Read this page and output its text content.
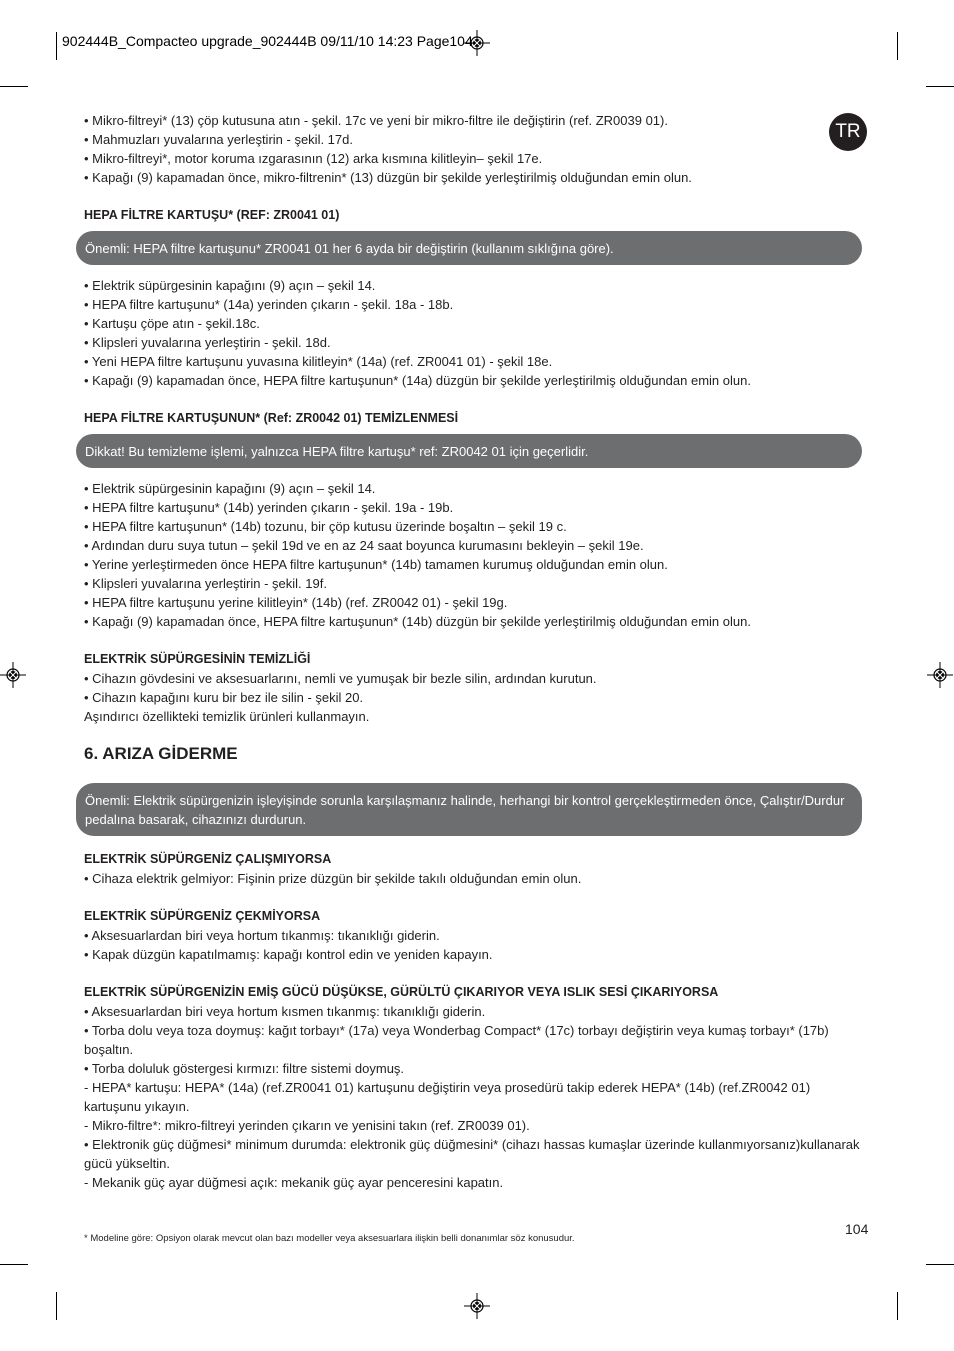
902444B_Compacteo upgrade_902444B 09/11/10 14:23 Page104
TR
• Mikro-filtreyi* (13) çöp kutusuna atın - şekil. 17c ve yeni bir mikro-filtre ile değiştirin (ref. ZR0039 01).
• Mahmuzları yuvalarına yerleştirin - şekil. 17d.
• Mikro-filtreyi*, motor koruma ızgarasının (12) arka kısmına kilitleyin– şekil 17e.
• Kapağı (9) kapamadan önce, mikro-filtrenin* (13) düzgün bir şekilde yerleştirilmiş olduğundan emin olun.
HEPA FİLTRE KARTUŞU* (REF: ZR0041 01)
Önemli: HEPA filtre kartuşunu* ZR0041 01 her 6 ayda bir değiştirin (kullanım sıklığına göre).
• Elektrik süpürgesinin kapağını (9) açın – şekil 14.
• HEPA filtre kartuşunu* (14a) yerinden çıkarın - şekil. 18a - 18b.
• Kartuşu çöpe atın - şekil.18c.
• Klipsleri yuvalarına yerleştirin - şekil. 18d.
• Yeni HEPA filtre kartuşunu yuvasına kilitleyin* (14a) (ref. ZR0041 01) - şekil 18e.
• Kapağı (9) kapamadan önce, HEPA filtre kartuşunun* (14a) düzgün bir şekilde yerleştirilmiş olduğundan emin olun.
HEPA FİLTRE KARTUŞUNUN* (Ref: ZR0042 01) TEMİZLENMESİ
Dikkat! Bu temizleme işlemi, yalnızca HEPA filtre kartuşu* ref: ZR0042 01 için geçerlidir.
• Elektrik süpürgesinin kapağını (9) açın – şekil 14.
• HEPA filtre kartuşunu* (14b) yerinden çıkarın - şekil. 19a - 19b.
• HEPA filtre kartuşunun* (14b) tozunu, bir çöp kutusu üzerinde boşaltın – şekil 19 c.
• Ardından duru suya tutun – şekil 19d ve en az 24 saat boyunca kurumasını bekleyin – şekil 19e.
• Yerine yerleştirmeden önce HEPA filtre kartuşunun* (14b) tamamen kurumuş olduğundan emin olun.
• Klipsleri yuvalarına yerleştirin - şekil. 19f.
• HEPA filtre kartuşunu yerine kilitleyin* (14b) (ref. ZR0042 01) - şekil 19g.
• Kapağı (9) kapamadan önce, HEPA filtre kartuşunun* (14b) düzgün bir şekilde yerleştirilmiş olduğundan emin olun.
ELEKTRİK SÜPÜRGESİNİN TEMİZLİĞİ
• Cihazın gövdesini ve aksesuarlarını, nemli ve yumuşak bir bezle silin, ardından kurutun.
• Cihazın kapağını kuru bir bez ile silin - şekil 20.
Aşındırıcı özellikteki temizlik ürünleri kullanmayın.
6. ARIZA GİDERME
Önemli: Elektrik süpürgenizin işleyişinde sorunla karşılaşmanız halinde, herhangi bir kontrol gerçekleştirmeden önce, Çalıştır/Durdur pedalına basarak, cihazınızı durdurun.
ELEKTRİK SÜPÜRGENİZ ÇALIŞMIYORSA
• Cihaza elektrik gelmiyor: Fişinin prize düzgün bir şekilde takılı olduğundan emin olun.
ELEKTRİK SÜPÜRGENİZ ÇEKMİYORSA
• Aksesuarlardan biri veya hortum tıkanmış: tıkanıklığı giderin.
• Kapak düzgün kapatılmamış: kapağı kontrol edin ve yeniden kapayın.
ELEKTRİK SÜPÜRGENİZİN EMİŞ GÜCÜ DÜŞÜKSE, GÜRÜLTÜ ÇIKARIYOR VEYA ISLIK SESİ ÇIKARIYORSA
• Aksesuarlardan biri veya hortum kısmen tıkanmış: tıkanıklığı giderin.
• Torba dolu veya toza doymuş: kağıt torbayı* (17a) veya Wonderbag Compact* (17c) torbayı değiştirin veya kumaş torbayı* (17b) boşaltın.
• Torba doluluk göstergesi kırmızı: filtre sistemi doymuş.
- HEPA* kartuşu: HEPA* (14a) (ref.ZR0041 01) kartuşunu değiştirin veya prosedürü takip ederek HEPA* (14b) (ref.ZR0042 01) kartuşunu yıkayın.
- Mikro-filtre*: mikro-filtreyi yerinden çıkarın ve yenisini takın (ref. ZR0039 01).
• Elektronik güç düğmesi* minimum durumda: elektronik güç düğmesini* (cihazı hassas kumaşlar üzerinde kullanmıyorsanız)kullanarak gücü yükseltin.
- Mekanik güç ayar düğmesi açık: mekanik güç ayar penceresini kapatın.
104
* Modeline göre: Opsiyon olarak mevcut olan bazı modeller veya aksesuarlara ilişkin belli donanımlar söz konusudur.
